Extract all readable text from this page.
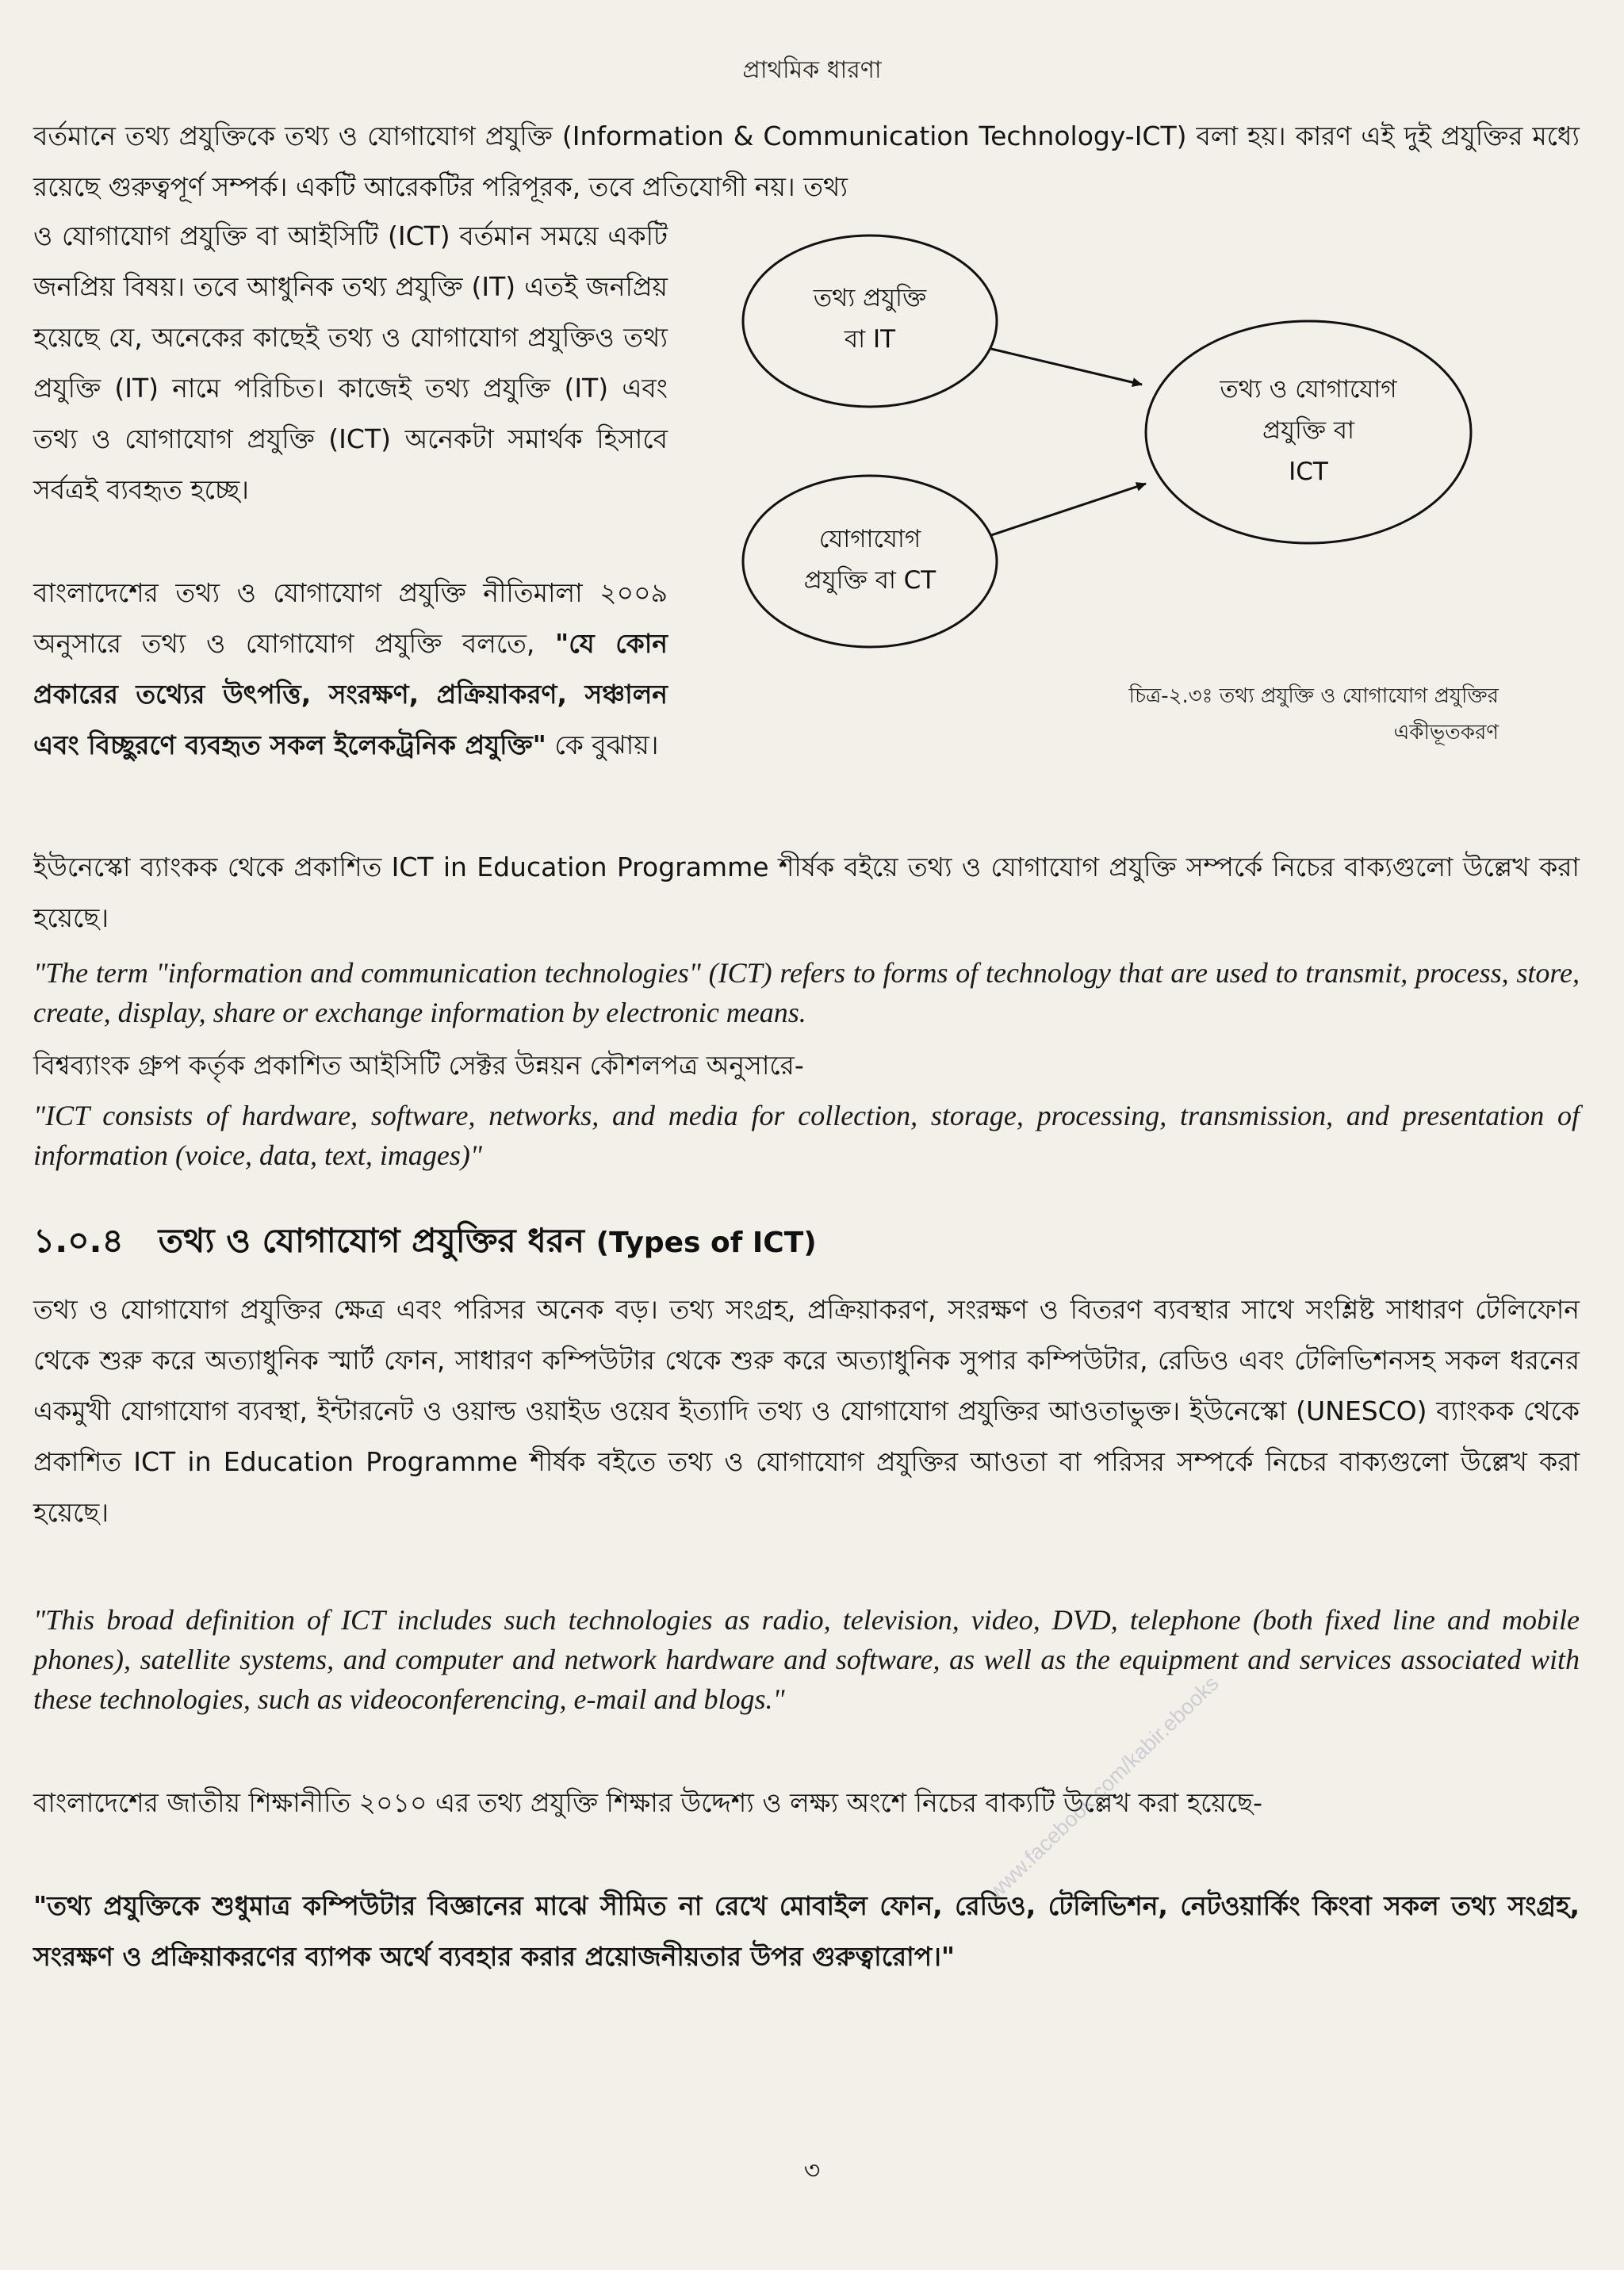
প্রাথমিক ধারণা

বর্তমানে তথ্য প্রযুক্তিকে তথ্য ও যোগাযোগ প্রযুক্তি (Information & Communication Technology-ICT) বলা হয়। কারণ এই দুই প্রযুক্তির মধ্যে রয়েছে গুরুত্বপূর্ণ সম্পর্ক। একটি আরেকটির পরিপূরক, তবে প্রতিযোগী নয়। তথ্য

ও যোগাযোগ প্রযুক্তি বা আইসিটি (ICT) বর্তমান সময়ে একটি জনপ্রিয় বিষয়। তবে আধুনিক তথ্য প্রযুক্তি (IT) এতই জনপ্রিয় হয়েছে যে, অনেকের কাছেই তথ্য ও যোগাযোগ প্রযুক্তিও তথ্য প্রযুক্তি (IT) নামে পরিচিত। কাজেই তথ্য প্রযুক্তি (IT) এবং তথ্য ও যোগাযোগ প্রযুক্তি (ICT) অনেকটা সমার্থক হিসাবে সর্বত্রই ব্যবহৃত হচ্ছে।

বাংলাদেশের তথ্য ও যোগাযোগ প্রযুক্তি নীতিমালা ২০০৯ অনুসারে তথ্য ও যোগাযোগ প্রযুক্তি বলতে, "যে কোন প্রকারের তথ্যের উৎপত্তি, সংরক্ষণ, প্রক্রিয়াকরণ, সঞ্চালন এবং বিচ্ছুরণে ব্যবহৃত সকল ইলেকট্রনিক প্রযুক্তি" কে বুঝায়।

তথ্য প্রযুক্তি
বা IT
যোগাযোগ
প্রযুক্তি বা CT
তথ্য ও যোগাযোগ
প্রযুক্তি বা
ICT
চিত্র-২.৩ঃ তথ্য প্রযুক্তি ও যোগাযোগ প্রযুক্তির
একীভূতকরণ

ইউনেস্কো ব্যাংকক থেকে প্রকাশিত ICT in Education Programme শীর্ষক বইয়ে তথ্য ও যোগাযোগ প্রযুক্তি সম্পর্কে নিচের বাক্যগুলো উল্লেখ করা হয়েছে।

"The term "information and communication technologies" (ICT) refers to forms of technology that are used to transmit, process, store, create, display, share or exchange information by electronic means.

বিশ্বব্যাংক গ্রুপ কর্তৃক প্রকাশিত আইসিটি সেক্টর উন্নয়ন কৌশলপত্র অনুসারে-

"ICT consists of hardware, software, networks, and media for collection, storage, processing, transmission, and presentation of information (voice, data, text, images)"

১.০.৪ তথ্য ও যোগাযোগ প্রযুক্তির ধরন (Types of ICT)

তথ্য ও যোগাযোগ প্রযুক্তির ক্ষেত্র এবং পরিসর অনেক বড়। তথ্য সংগ্রহ, প্রক্রিয়াকরণ, সংরক্ষণ ও বিতরণ ব্যবস্থার সাথে সংশ্লিষ্ট সাধারণ টেলিফোন থেকে শুরু করে অত্যাধুনিক স্মার্ট ফোন, সাধারণ কম্পিউটার থেকে শুরু করে অত্যাধুনিক সুপার কম্পিউটার, রেডিও এবং টেলিভিশনসহ সকল ধরনের একমুখী যোগাযোগ ব্যবস্থা, ইন্টারনেট ও ওয়াল্ড ওয়াইড ওয়েব ইত্যাদি তথ্য ও যোগাযোগ প্রযুক্তির আওতাভুক্ত। ইউনেস্কো (UNESCO) ব্যাংকক থেকে প্রকাশিত ICT in Education Programme শীর্ষক বইতে তথ্য ও যোগাযোগ প্রযুক্তির আওতা বা পরিসর সম্পর্কে নিচের বাক্যগুলো উল্লেখ করা হয়েছে।

"This broad definition of ICT includes such technologies as radio, television, video, DVD, telephone (both fixed line and mobile phones), satellite systems, and computer and network hardware and software, as well as the equipment and services associated with these technologies, such as videoconferencing, e-mail and blogs."

বাংলাদেশের জাতীয় শিক্ষানীতি ২০১০ এর তথ্য প্রযুক্তি শিক্ষার উদ্দেশ্য ও লক্ষ্য অংশে নিচের বাক্যটি উল্লেখ করা হয়েছে-

"তথ্য প্রযুক্তিকে শুধুমাত্র কম্পিউটার বিজ্ঞানের মাঝে সীমিত না রেখে মোবাইল ফোন, রেডিও, টেলিভিশন, নেটওয়ার্কিং কিংবা সকল তথ্য সংগ্রহ, সংরক্ষণ ও প্রক্রিয়াকরণের ব্যাপক অর্থে ব্যবহার করার প্রয়োজনীয়তার উপর গুরুত্বারোপ।"

www.facebook.com/kabir.ebooks
৩
